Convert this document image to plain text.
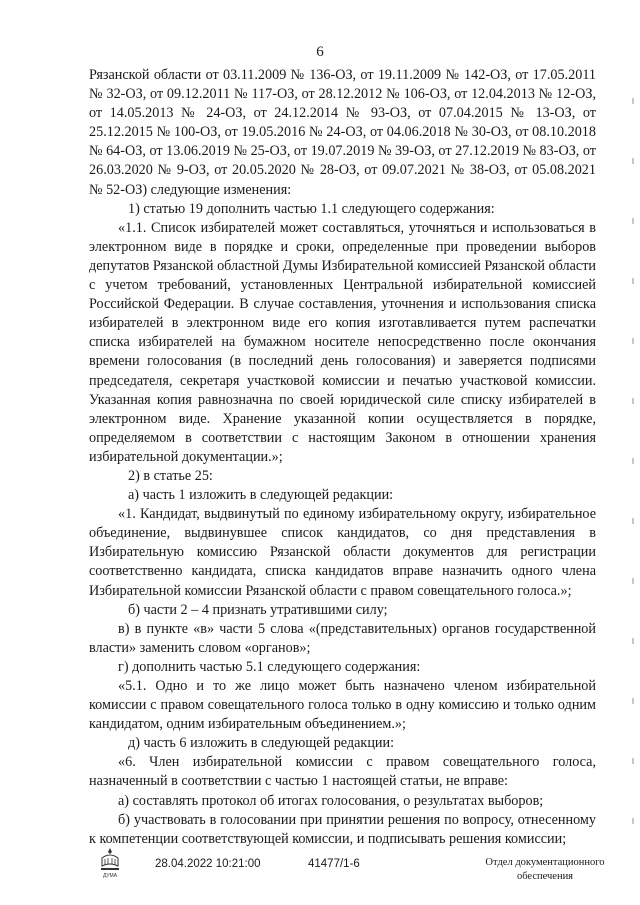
6

Рязанской области от 03.11.2009 № 136-ОЗ, от 19.11.2009 № 142-ОЗ, от 17.05.2011 № 32-ОЗ, от 09.12.2011 № 117-ОЗ, от 28.12.2012 № 106-ОЗ, от 12.04.2013 № 12-ОЗ, от 14.05.2013 № 24-ОЗ, от 24.12.2014 № 93-ОЗ, от 07.04.2015 № 13-ОЗ, от 25.12.2015 № 100-ОЗ, от 19.05.2016 № 24-ОЗ, от 04.06.2018 № 30-ОЗ, от 08.10.2018 № 64-ОЗ, от 13.06.2019 № 25-ОЗ, от 19.07.2019 № 39-ОЗ, от 27.12.2019 № 83-ОЗ, от 26.03.2020 № 9-ОЗ, от 20.05.2020 № 28-ОЗ, от 09.07.2021 № 38-ОЗ, от 05.08.2021 № 52-ОЗ) следующие изменения:

1) статью 19 дополнить частью 1.1 следующего содержания:

«1.1. Список избирателей может составляться, уточняться и использоваться в электронном виде в порядке и сроки, определенные при проведении выборов депутатов Рязанской областной Думы Избирательной комиссией Рязанской области с учетом требований, установленных Центральной избирательной комиссией Российской Федерации. В случае составления, уточнения и использования списка избирателей в электронном виде его копия изготавливается путем распечатки списка избирателей на бумажном носителе непосредственно после окончания времени голосования (в последний день голосования) и заверяется подписями председателя, секретаря участковой комиссии и печатью участковой комиссии. Указанная копия равнозначна по своей юридической силе списку избирателей в электронном виде. Хранение указанной копии осуществляется в порядке, определяемом в соответствии с настоящим Законом в отношении хранения избирательной документации.»;

2) в статье 25:

а) часть 1 изложить в следующей редакции:

«1. Кандидат, выдвинутый по единому избирательному округу, избирательное объединение, выдвинувшее список кандидатов, со дня представления в Избирательную комиссию Рязанской области документов для регистрации соответственно кандидата, списка кандидатов вправе назначить одного члена Избирательной комиссии Рязанской области с правом совещательного голоса.»;

б) части 2 – 4 признать утратившими силу;

в) в пункте «в» части 5 слова «(представительных) органов государственной власти» заменить словом «органов»;

г) дополнить частью 5.1 следующего содержания:

«5.1. Одно и то же лицо может быть назначено членом избирательной комиссии с правом совещательного голоса только в одну комиссию и только одним кандидатом, одним избирательным объединением.»;

д) часть 6 изложить в следующей редакции:

«6. Член избирательной комиссии с правом совещательного голоса, назначенный в соответствии с частью 1 настоящей статьи, не вправе:

а) составлять протокол об итогах голосования, о результатах выборов;

б) участвовать в голосовании при принятии решения по вопросу, отнесенному к компетенции соответствующей комиссии, и подписывать решения комиссии;

ДУМА
28.04.2022 10:21:00	41477/1-6	Отдел документационного
обеспечения
